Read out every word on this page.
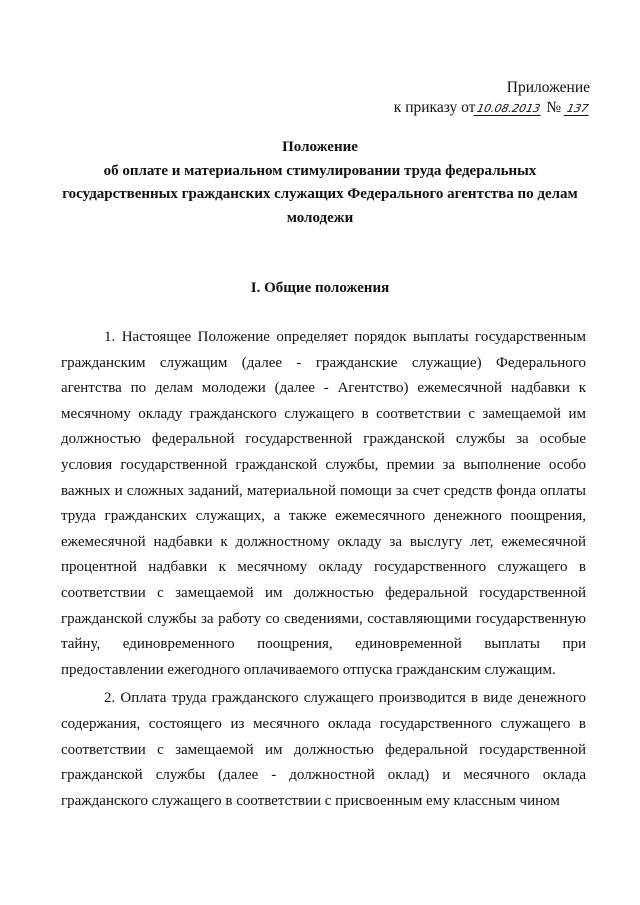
Приложение
к приказу от10.08.2013 № 137
Положение
об оплате и материальном стимулировании труда федеральных
государственных гражданских служащих Федерального агентства по делам
молодежи
I. Общие положения

1. Настоящее Положение определяет порядок выплаты государственным гражданским служащим (далее - гражданские служащие) Федерального агентства по делам молодежи (далее - Агентство) ежемесячной надбавки к месячному окладу гражданского служащего в соответствии с замещаемой им должностью федеральной государственной гражданской службы за особые условия государственной гражданской службы, премии за выполнение особо важных и сложных заданий, материальной помощи за счет средств фонда оплаты труда гражданских служащих, а также ежемесячного денежного поощрения, ежемесячной надбавки к должностному окладу за выслугу лет, ежемесячной процентной надбавки к месячному окладу государственного служащего в соответствии с замещаемой им должностью федеральной государственной гражданской службы за работу со сведениями, составляющими государственную тайну, единовременного поощрения, единовременной выплаты при предоставлении ежегодного оплачиваемого отпуска гражданским служащим.

2. Оплата труда гражданского служащего производится в виде денежного содержания, состоящего из месячного оклада государственного служащего в соответствии с замещаемой им должностью федеральной государственной гражданской службы (далее - должностной оклад) и месячного оклада гражданского служащего в соответствии с присвоенным ему классным чином
